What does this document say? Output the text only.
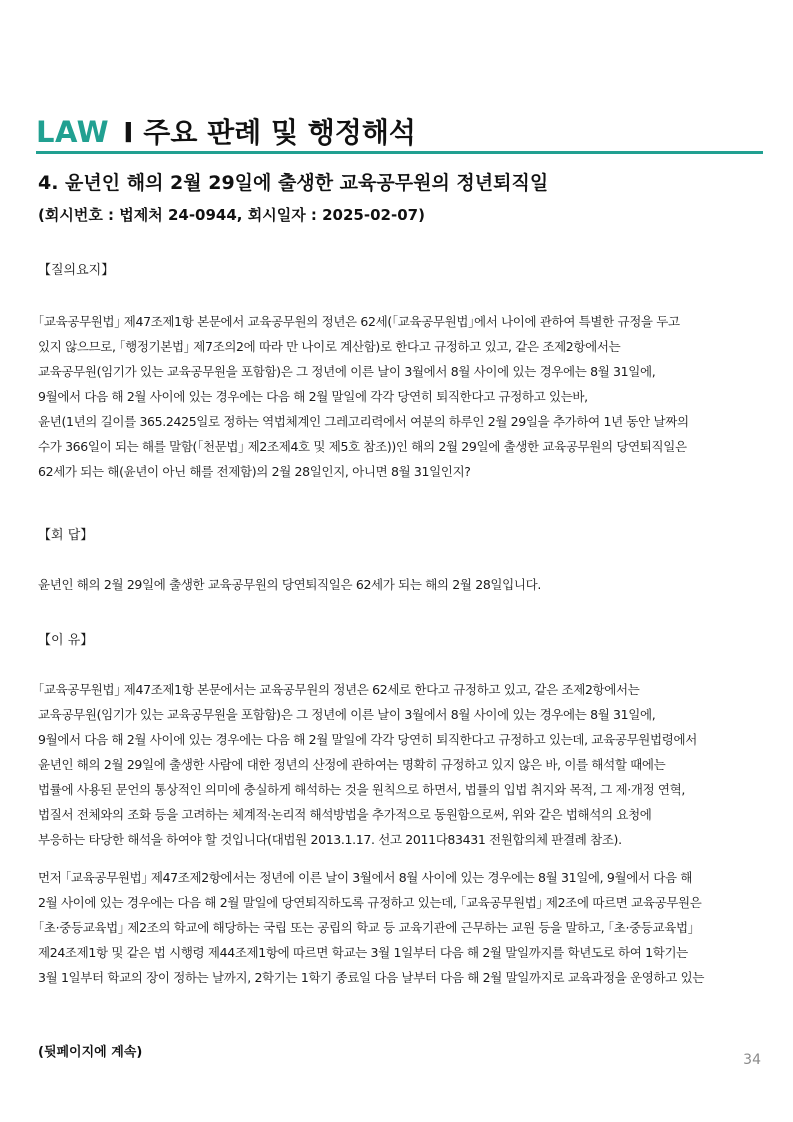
LAW I 주요 판례 및 행정해석
4. 윤년인 해의 2월 29일에 출생한 교육공무원의 정년퇴직일
(회시번호 : 법제처 24-0944, 회시일자 : 2025-02-07)
【질의요지】
｢교육공무원법｣ 제47조제1항 본문에서 교육공무원의 정년은 62세(｢교육공무원법｣에서 나이에 관하여 특별한 규정을 두고
있지 않으므로, ｢행정기본법｣ 제7조의2에 따라 만 나이로 계산함)로 한다고 규정하고 있고, 같은 조제2항에서는
교육공무원(임기가 있는 교육공무원을 포함함)은 그 정년에 이른 날이 3월에서 8월 사이에 있는 경우에는 8월 31일에,
9월에서 다음 해 2월 사이에 있는 경우에는 다음 해 2월 말일에 각각 당연히 퇴직한다고 규정하고 있는바,
윤년(1년의 길이를 365.2425일로 정하는 역법체계인 그레고리력에서 여분의 하루인 2월 29일을 추가하여 1년 동안 날짜의
수가 366일이 되는 해를 말함(｢천문법｣ 제2조제4호 및 제5호 참조))인 해의 2월 29일에 출생한 교육공무원의 당연퇴직일은
62세가 되는 해(윤년이 아닌 해를 전제함)의 2월 28일인지, 아니면 8월 31일인지?
【회 답】
윤년인 해의 2월 29일에 출생한 교육공무원의 당연퇴직일은 62세가 되는 해의 2월 28일입니다.
【이 유】
｢교육공무원법｣ 제47조제1항 본문에서는 교육공무원의 정년은 62세로 한다고 규정하고 있고, 같은 조제2항에서는
교육공무원(임기가 있는 교육공무원을 포함함)은 그 정년에 이른 날이 3월에서 8월 사이에 있는 경우에는 8월 31일에,
9월에서 다음 해 2월 사이에 있는 경우에는 다음 해 2월 말일에 각각 당연히 퇴직한다고 규정하고 있는데, 교육공무원법령에서
윤년인 해의 2월 29일에 출생한 사람에 대한 정년의 산정에 관하여는 명확히 규정하고 있지 않은 바, 이를 해석할 때에는
법률에 사용된 문언의 통상적인 의미에 충실하게 해석하는 것을 원칙으로 하면서, 법률의 입법 취지와 목적, 그 제·개정 연혁,
법질서 전체와의 조화 등을 고려하는 체계적·논리적 해석방법을 추가적으로 동원함으로써, 위와 같은 법해석의 요청에
부응하는 타당한 해석을 하여야 할 것입니다(대법원 2013.1.17. 선고 2011다83431 전원합의체 판결례 참조).
먼저 ｢교육공무원법｣ 제47조제2항에서는 정년에 이른 날이 3월에서 8월 사이에 있는 경우에는 8월 31일에, 9월에서 다음 해
2월 사이에 있는 경우에는 다음 해 2월 말일에 당연퇴직하도록 규정하고 있는데, ｢교육공무원법｣ 제2조에 따르면 교육공무원은
｢초·중등교육법｣ 제2조의 학교에 해당하는 국립 또는 공립의 학교 등 교육기관에 근무하는 교원 등을 말하고, ｢초·중등교육법｣
제24조제1항 및 같은 법 시행령 제44조제1항에 따르면 학교는 3월 1일부터 다음 해 2월 말일까지를 학년도로 하여 1학기는
3월 1일부터 학교의 장이 정하는 날까지, 2학기는 1학기 종료일 다음 날부터 다음 해 2월 말일까지로 교육과정을 운영하고 있는
(뒷페이지에 계속)	34
